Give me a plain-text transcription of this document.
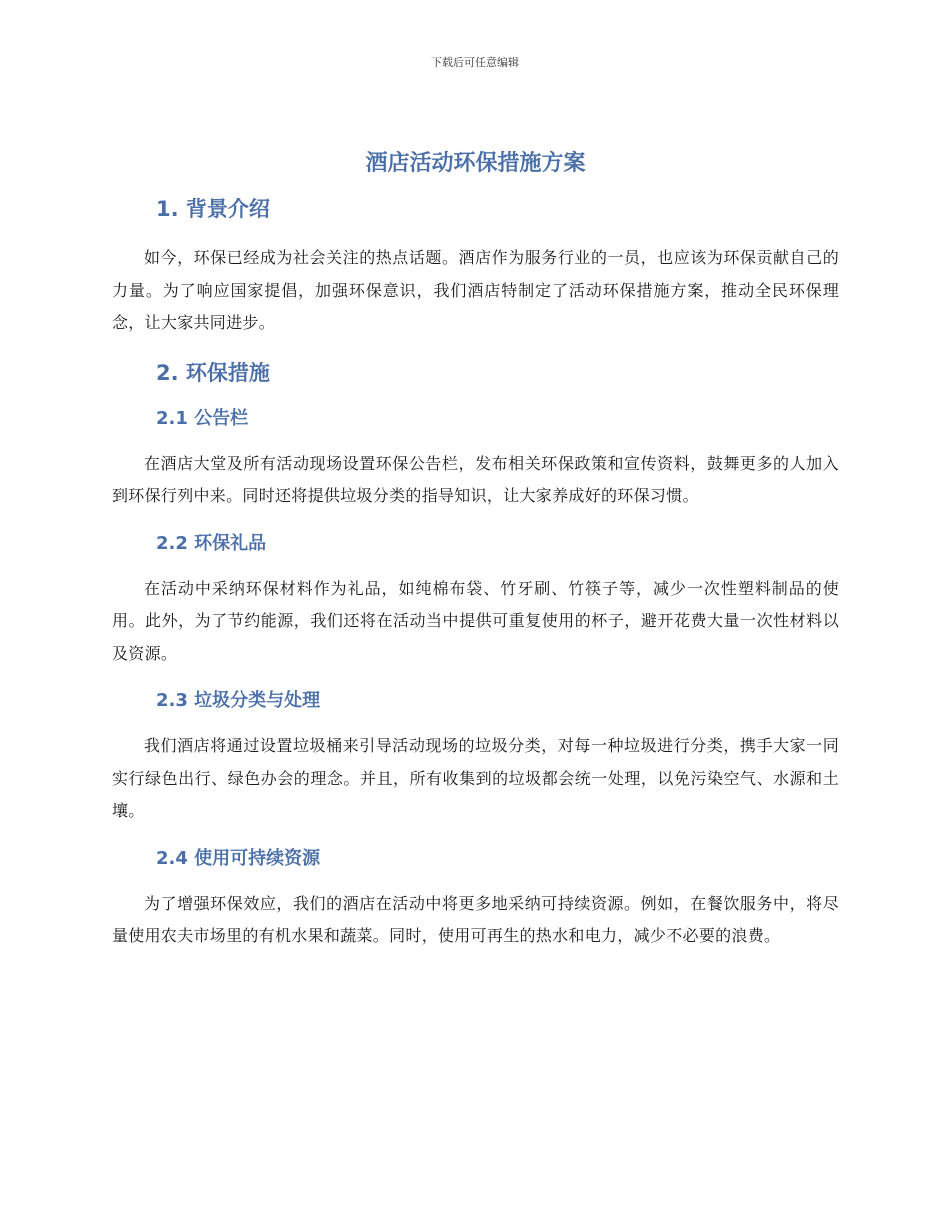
下载后可任意编辑
酒店活动环保措施方案
1. 背景介绍

如今，环保已经成为社会关注的热点话题。酒店作为服务行业的一员，也应该为环保贡献自己的力量。为了响应国家提倡，加强环保意识，我们酒店特制定了活动环保措施方案，推动全民环保理念，让大家共同进步。

2. 环保措施
2.1 公告栏

在酒店大堂及所有活动现场设置环保公告栏，发布相关环保政策和宣传资料，鼓舞更多的人加入到环保行列中来。同时还将提供垃圾分类的指导知识，让大家养成好的环保习惯。

2.2 环保礼品

在活动中采纳环保材料作为礼品，如纯棉布袋、竹牙刷、竹筷子等，减少一次性塑料制品的使用。此外，为了节约能源，我们还将在活动当中提供可重复使用的杯子，避开花费大量一次性材料以及资源。

2.3 垃圾分类与处理

我们酒店将通过设置垃圾桶来引导活动现场的垃圾分类，对每一种垃圾进行分类，携手大家一同实行绿色出行、绿色办会的理念。并且，所有收集到的垃圾都会统一处理，以免污染空气、水源和土壤。

2.4 使用可持续资源

为了增强环保效应，我们的酒店在活动中将更多地采纳可持续资源。例如，在餐饮服务中，将尽量使用农夫市场里的有机水果和蔬菜。同时，使用可再生的热水和电力，减少不必要的浪费。
